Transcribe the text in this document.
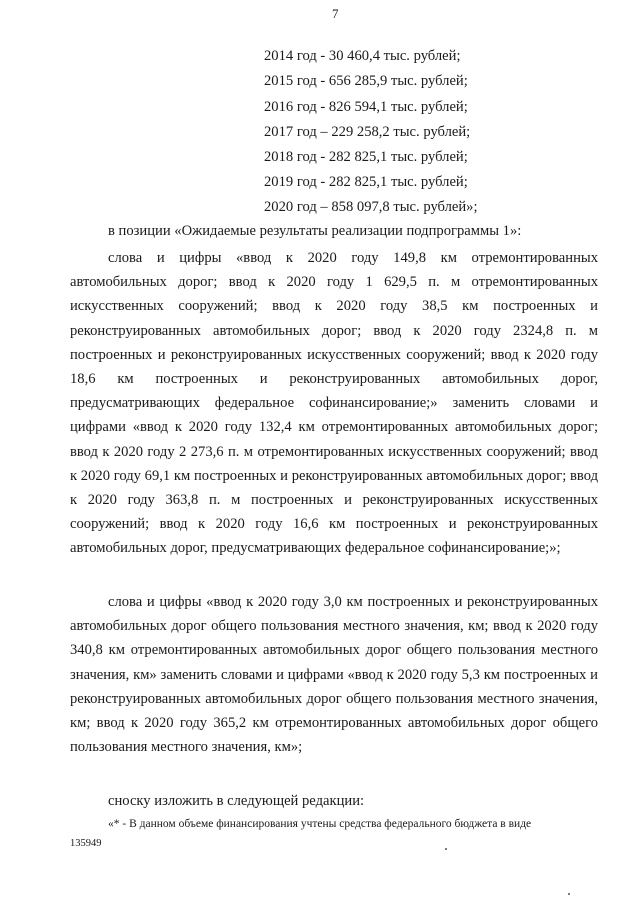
7
2014 год - 30 460,4 тыс. рублей;
2015 год - 656 285,9 тыс. рублей;
2016 год - 826 594,1 тыс. рублей;
2017 год – 229 258,2 тыс. рублей;
2018 год - 282 825,1 тыс. рублей;
2019 год - 282 825,1 тыс. рублей;
2020 год – 858 097,8 тыс. рублей»;
в позиции «Ожидаемые результаты реализации подпрограммы 1»:

слова и цифры «ввод к 2020 году 149,8 км отремонтированных автомобильных дорог; ввод к 2020 году 1 629,5 п. м отремонтированных искусственных сооружений; ввод к 2020 году 38,5 км построенных и реконструированных автомобильных дорог; ввод к 2020 году 2324,8 п. м построенных и реконструированных искусственных сооружений; ввод к 2020 году 18,6 км построенных и реконструированных автомобильных дорог, предусматривающих федеральное софинансирование;» заменить словами и цифрами «ввод к 2020 году 132,4 км отремонтированных автомобильных дорог; ввод к 2020 году 2 273,6 п. м отремонтированных искусственных сооружений; ввод к 2020 году 69,1 км построенных и реконструированных автомобильных дорог; ввод к 2020 году 363,8 п. м построенных и реконструированных искусственных сооружений; ввод к 2020 году 16,6 км построенных и реконструированных автомобильных дорог, предусматривающих федеральное софинансирование;»;

слова и цифры «ввод к 2020 году 3,0 км построенных и реконструированных автомобильных дорог общего пользования местного значения, км; ввод к 2020 году 340,8 км отремонтированных автомобильных дорог общего пользования местного значения, км» заменить словами и цифрами «ввод к 2020 году 5,3 км построенных и реконструированных автомобильных дорог общего пользования местного значения, км; ввод к 2020 году 365,2 км отремонтированных автомобильных дорог общего пользования местного значения, км»;

сноску изложить в следующей редакции:
«* - В данном объеме финансирования учтены средства федерального бюджета в виде
135949
